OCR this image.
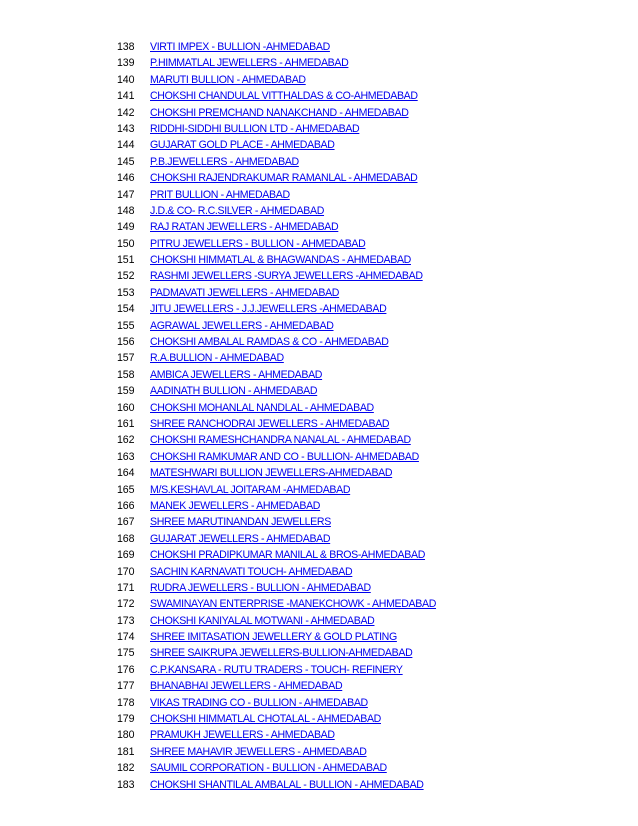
138	VIRTI IMPEX - BULLION -AHMEDABAD
139	P.HIMMATLAL JEWELLERS - AHMEDABAD
140	MARUTI BULLION - AHMEDABAD
141	CHOKSHI CHANDULAL VITTHALDAS & CO-AHMEDABAD
142	CHOKSHI PREMCHAND NANAKCHAND - AHMEDABAD
143	RIDDHI-SIDDHI BULLION LTD - AHMEDABAD
144	GUJARAT GOLD PLACE - AHMEDABAD
145	P.B.JEWELLERS - AHMEDABAD
146	CHOKSHI RAJENDRAKUMAR RAMANLAL - AHMEDABAD
147	PRIT BULLION - AHMEDABAD
148	J.D.& CO- R.C.SILVER - AHMEDABAD
149	RAJ RATAN JEWELLERS - AHMEDABAD
150	PITRU JEWELLERS - BULLION - AHMEDABAD
151	CHOKSHI HIMMATLAL & BHAGWANDAS - AHMEDABAD
152	RASHMI JEWELLERS -SURYA JEWELLERS -AHMEDABAD
153	PADMAVATI JEWELLERS - AHMEDABAD
154	JITU JEWELLERS - J.J.JEWELLERS -AHMEDABAD
155	AGRAWAL JEWELLERS - AHMEDABAD
156	CHOKSHI AMBALAL RAMDAS & CO - AHMEDABAD
157	R.A.BULLION - AHMEDABAD
158	AMBICA JEWELLERS - AHMEDABAD
159	AADINATH BULLION - AHMEDABAD
160	CHOKSHI MOHANLAL NANDLAL - AHMEDABAD
161	SHREE RANCHODRAI JEWELLERS - AHMEDABAD
162	CHOKSHI RAMESHCHANDRA NANALAL - AHMEDABAD
163	CHOKSHI RAMKUMAR AND CO - BULLION- AHMEDABAD
164	MATESHWARI BULLION JEWELLERS-AHMEDABAD
165	M/S.KESHAVLAL JOITARAM -AHMEDABAD
166	MANEK JEWELLERS - AHMEDABAD
167	SHREE MARUTINANDAN JEWELLERS
168	GUJARAT JEWELLERS - AHMEDABAD
169	CHOKSHI PRADIPKUMAR MANILAL & BROS-AHMEDABAD
170	SACHIN KARNAVATI TOUCH- AHMEDABAD
171	RUDRA JEWELLERS - BULLION - AHMEDABAD
172	SWAMINAYAN ENTERPRISE -MANEKCHOWK - AHMEDABAD
173	CHOKSHI KANIYALAL MOTWANI - AHMEDABAD
174	SHREE IMITASATION JEWELLERY & GOLD PLATING
175	SHREE SAIKRUPA JEWELLERS-BULLION-AHMEDABAD
176	C.P.KANSARA - RUTU TRADERS - TOUCH- REFINERY
177	BHANABHAI JEWELLERS - AHMEDABAD
178	VIKAS TRADING CO - BULLION - AHMEDABAD
179	CHOKSHI HIMMATLAL CHOTALAL - AHMEDABAD
180	PRAMUKH JEWELLERS - AHMEDABAD
181	SHREE MAHAVIR JEWELLERS - AHMEDABAD
182	SAUMIL CORPORATION - BULLION - AHMEDABAD
183	CHOKSHI SHANTILAL AMBALAL - BULLION - AHMEDABAD
